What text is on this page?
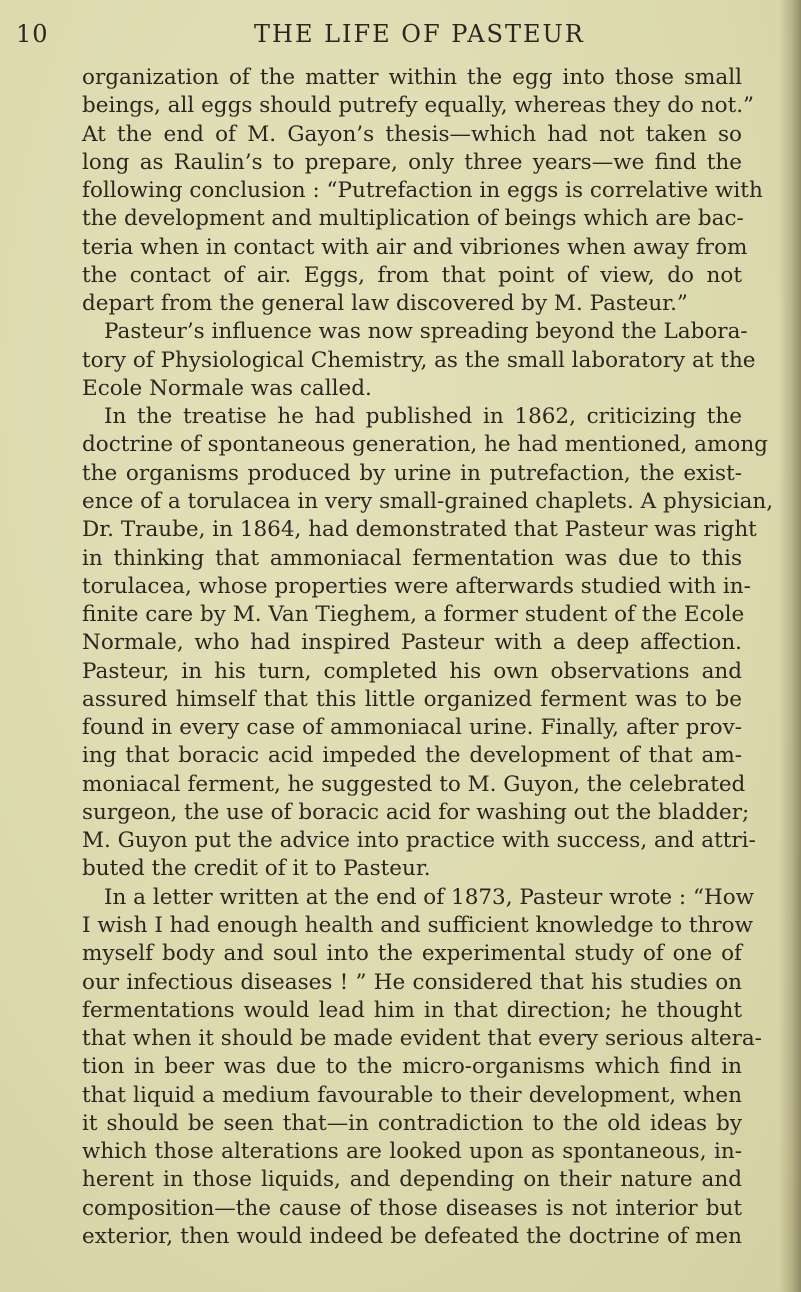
10	THE LIFE OF PASTEUR
organization of the matter within the egg into those small
beings, all eggs should putrefy equally, whereas they do not.”
At the end of M. Gayon’s thesis—which had not taken so
long as Raulin’s to prepare, only three years—we find the
following conclusion : “Putrefaction in eggs is correlative with
the development and multiplication of beings which are bac-
teria when in contact with air and vibriones when away from
the contact of air. Eggs, from that point of view, do not
depart from the general law discovered by M. Pasteur.”
Pasteur’s influence was now spreading beyond the Labora-
tory of Physiological Chemistry, as the small laboratory at the
Ecole Normale was called.
In the treatise he had published in 1862, criticizing the
doctrine of spontaneous generation, he had mentioned, among
the organisms produced by urine in putrefaction, the exist-
ence of a torulacea in very small-grained chaplets. A physician,
Dr. Traube, in 1864, had demonstrated that Pasteur was right
in thinking that ammoniacal fermentation was due to this
torulacea, whose properties were afterwards studied with in-
finite care by M. Van Tieghem, a former student of the Ecole
Normale, who had inspired Pasteur with a deep affection.
Pasteur, in his turn, completed his own observations and
assured himself that this little organized ferment was to be
found in every case of ammoniacal urine. Finally, after prov-
ing that boracic acid impeded the development of that am-
moniacal ferment, he suggested to M. Guyon, the celebrated
surgeon, the use of boracic acid for washing out the bladder;
M. Guyon put the advice into practice with success, and attri-
buted the credit of it to Pasteur.
In a letter written at the end of 1873, Pasteur wrote : “How
I wish I had enough health and sufficient knowledge to throw
myself body and soul into the experimental study of one of
our infectious diseases ! ” He considered that his studies on
fermentations would lead him in that direction; he thought
that when it should be made evident that every serious altera-
tion in beer was due to the micro-organisms which find in
that liquid a medium favourable to their development, when
it should be seen that—in contradiction to the old ideas by
which those alterations are looked upon as spontaneous, in-
herent in those liquids, and depending on their nature and
composition—the cause of those diseases is not interior but
exterior, then would indeed be defeated the doctrine of men
